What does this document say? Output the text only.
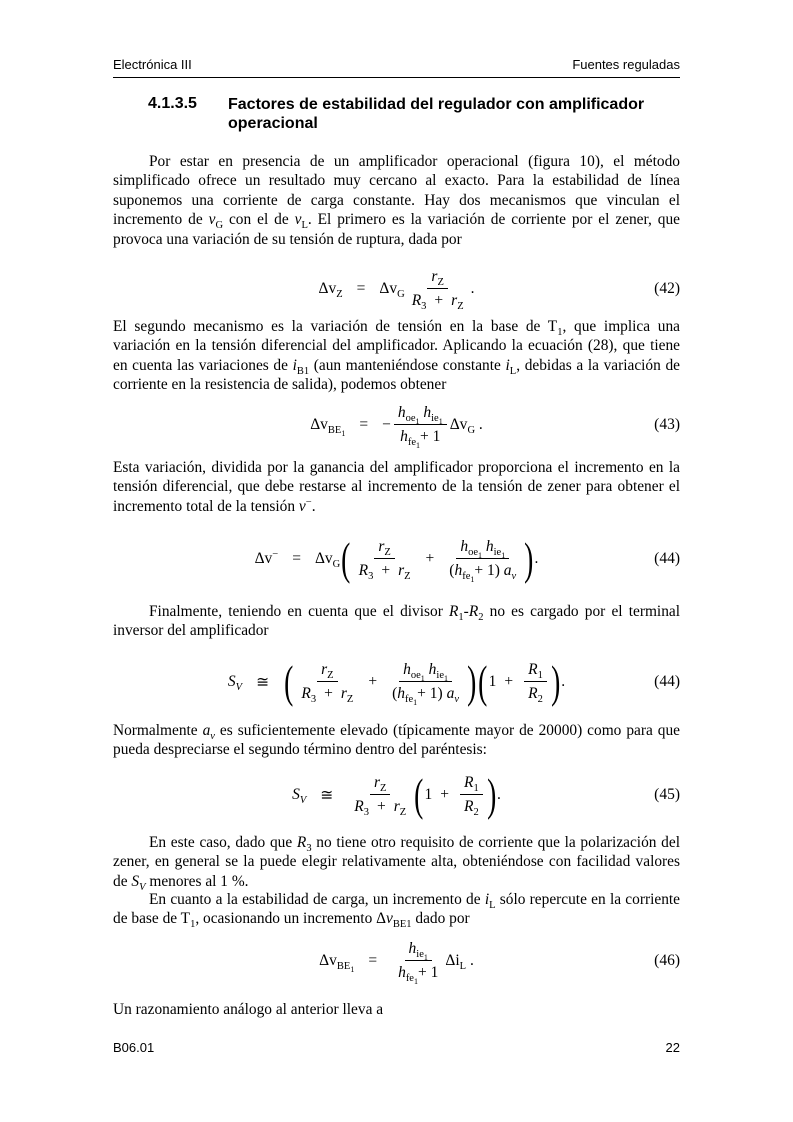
Electrónica III	Fuentes reguladas
4.1.3.5 Factores de estabilidad del regulador con amplificador operacional
Por estar en presencia de un amplificador operacional (figura 10), el método simplificado ofrece un resultado muy cercano al exacto. Para la estabilidad de línea suponemos una corriente de carga constante. Hay dos mecanismos que vinculan el incremento de $v_G$ con el de $v_L$. El primero es la variación de corriente por el zener, que provoca una variación de su tensión de ruptura, dada por
$\Delta v_Z = \Delta v_G \frac{r_Z}{R_3 + r_Z}$ .	(42)
El segundo mecanismo es la variación de tensión en la base de $T_1$, que implica una variación en la tensión diferencial del amplificador. Aplicando la ecuación (28), que tiene en cuenta las variaciones de $i_{B1}$ (aun manteniéndose constante $i_L$, debidas a la variación de corriente en la resistencia de salida), podemos obtener
$\Delta v_{BE_1}$
= − $\frac{h_{oe_1} h_{ie_1}}{h_{fe_1}+ 1} \Delta v_G$
.	(43)
Esta variación, dividida por la ganancia del amplificador proporciona el incremento en la tensión diferencial, que debe restarse al incremento de la tensión de zener para obtener el incremento total de la tensión v−.
$\Delta v^- = \Delta v_G$ ( $\frac{r_Z}{R_3 + r_Z} + \frac{h_{oe_1} h_{ie_1}}{(h_{fe_1}+ 1) a_v}$ ) .	(44)
Finalmente, teniendo en cuenta que el divisor $R_1-R_2$ no es cargado por el terminal inversor del amplificador
$S_V$ ≅ ( $\frac{r_Z}{R_3 + r_Z} + \frac{h_{oe_1} h_{ie_1}}{(h_{fe_1}+ 1) a_v}$ ) ( $1 + \frac{R_1}{R_2}$ ) .	(44)
Normalmente $a_v$ es suficientemente elevado (típicamente mayor de 20000) como para que pueda despreciarse el segundo término dentro del paréntesis:
$S_V$ ≅ $\frac{r_Z}{R_3 + r_Z}$ ( $1 + \frac{R_1}{R_2}$ ) .	(45)
En este caso, dado que $R_3$ no tiene otro requisito de corriente que la polarización del zener, en general se la puede elegir relativamente alta, obteniéndose con facilidad valores de $S_V$ menores al 1 %.
En cuanto a la estabilidad de carga, un incremento de $i_L$ sólo repercute en la corriente de base de $T_1$, ocasionando un incremento $\Delta v_{BE1}$ dado por
$\Delta v_{BE_1}$
= $\frac{h_{ie_1}}{h_{fe_1}+ 1} \Delta i_L$
.	(46)
Un razonamiento análogo al anterior lleva a
B06.01	22
